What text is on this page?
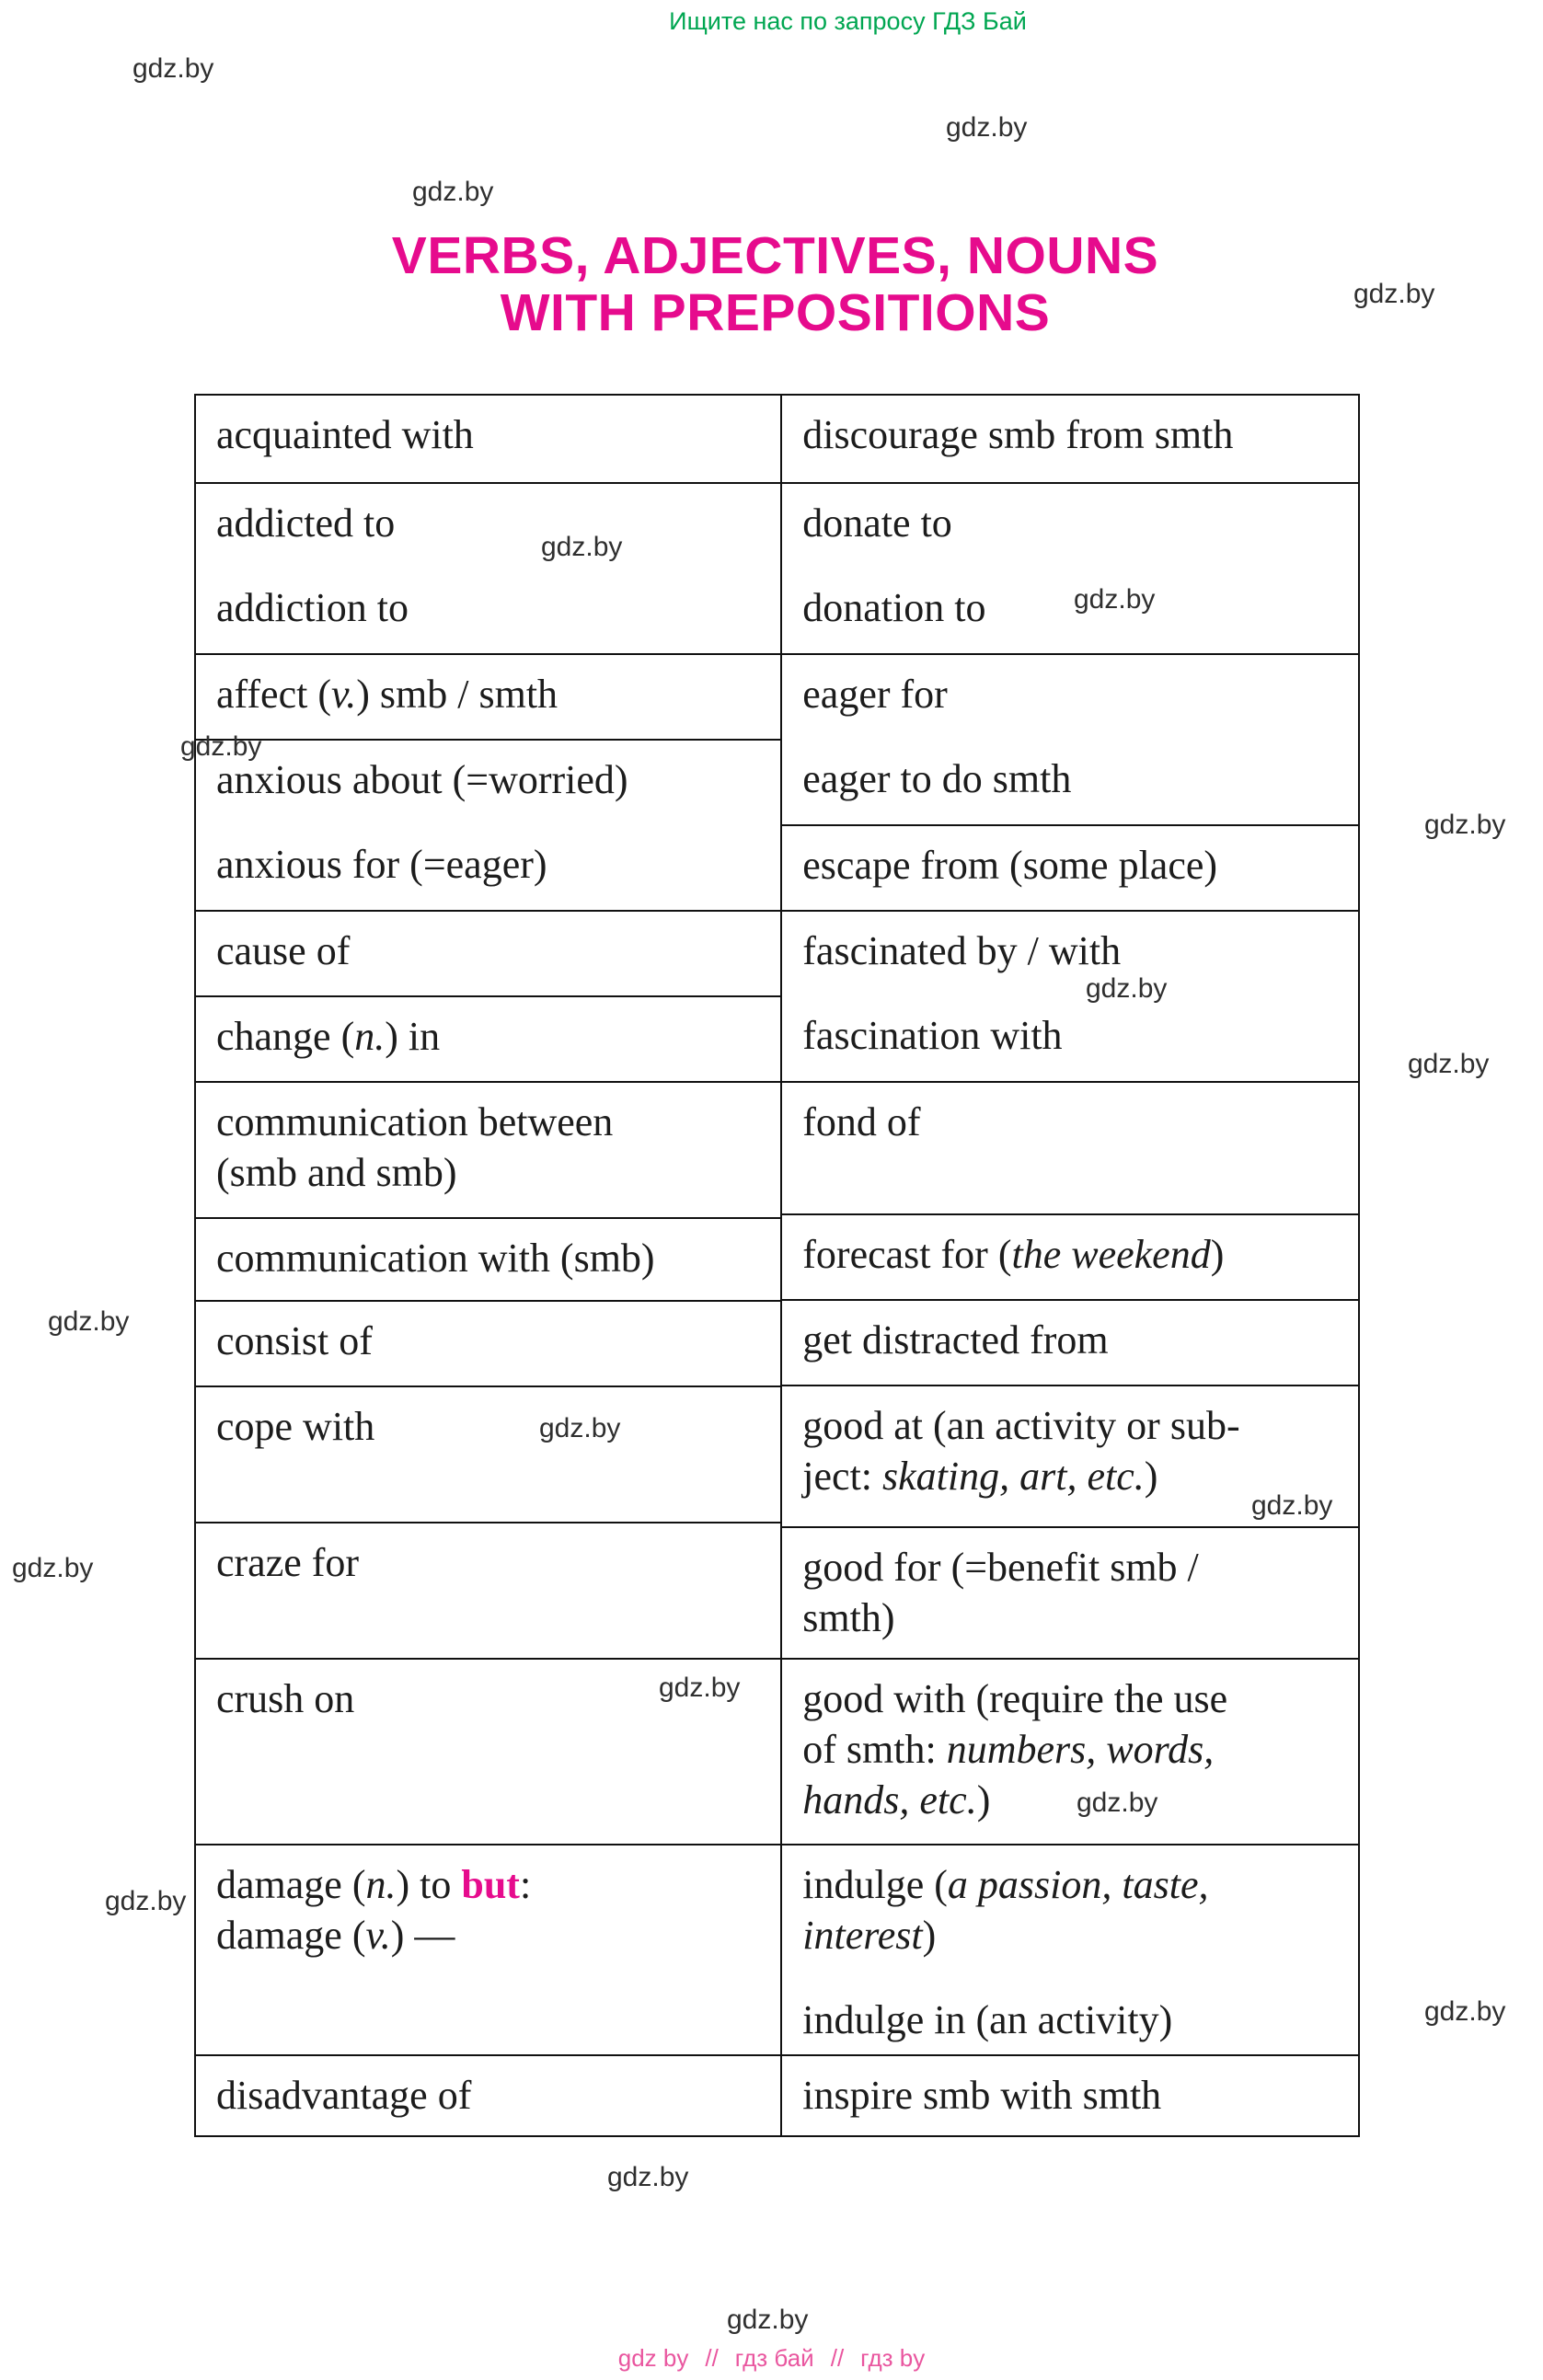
Ищите нас по запросу ГДЗ Бай
VERBS, ADJECTIVES, NOUNS
WITH PREPOSITIONS
acquainted with
addicted to
addiction to
affect (v.) smb / smth
anxious about (=worried)
anxious for (=eager)
cause of
change (n.) in
communication between
(smb and smb)
communication with (smb)
consist of
cope with
craze for
crush on
damage (n.) to but:
damage (v.) —
disadvantage of
discourage smb from smth
donate to
donation to
eager for
eager to do smth
escape from (some place)
fascinated by / with
fascination with
fond of
forecast for (the weekend)
get distracted from
good at (an activity or sub-
ject: skating, art, etc.)
good for (=benefit smb /
smth)
good with (require the use
of smth: numbers, words,
hands, etc.)
indulge (a passion, taste,
interest)
indulge in (an activity)
inspire smb with smth
gdz by // гдз бай // гдз by
gdz.by
gdz.by
gdz.by
gdz.by
gdz.by
gdz.by
gdz.by
gdz.by
gdz.by
gdz.by
gdz.by
gdz.by
gdz.by
gdz.by
gdz.by
gdz.by
gdz.by
gdz.by
gdz.by
gdz.by
